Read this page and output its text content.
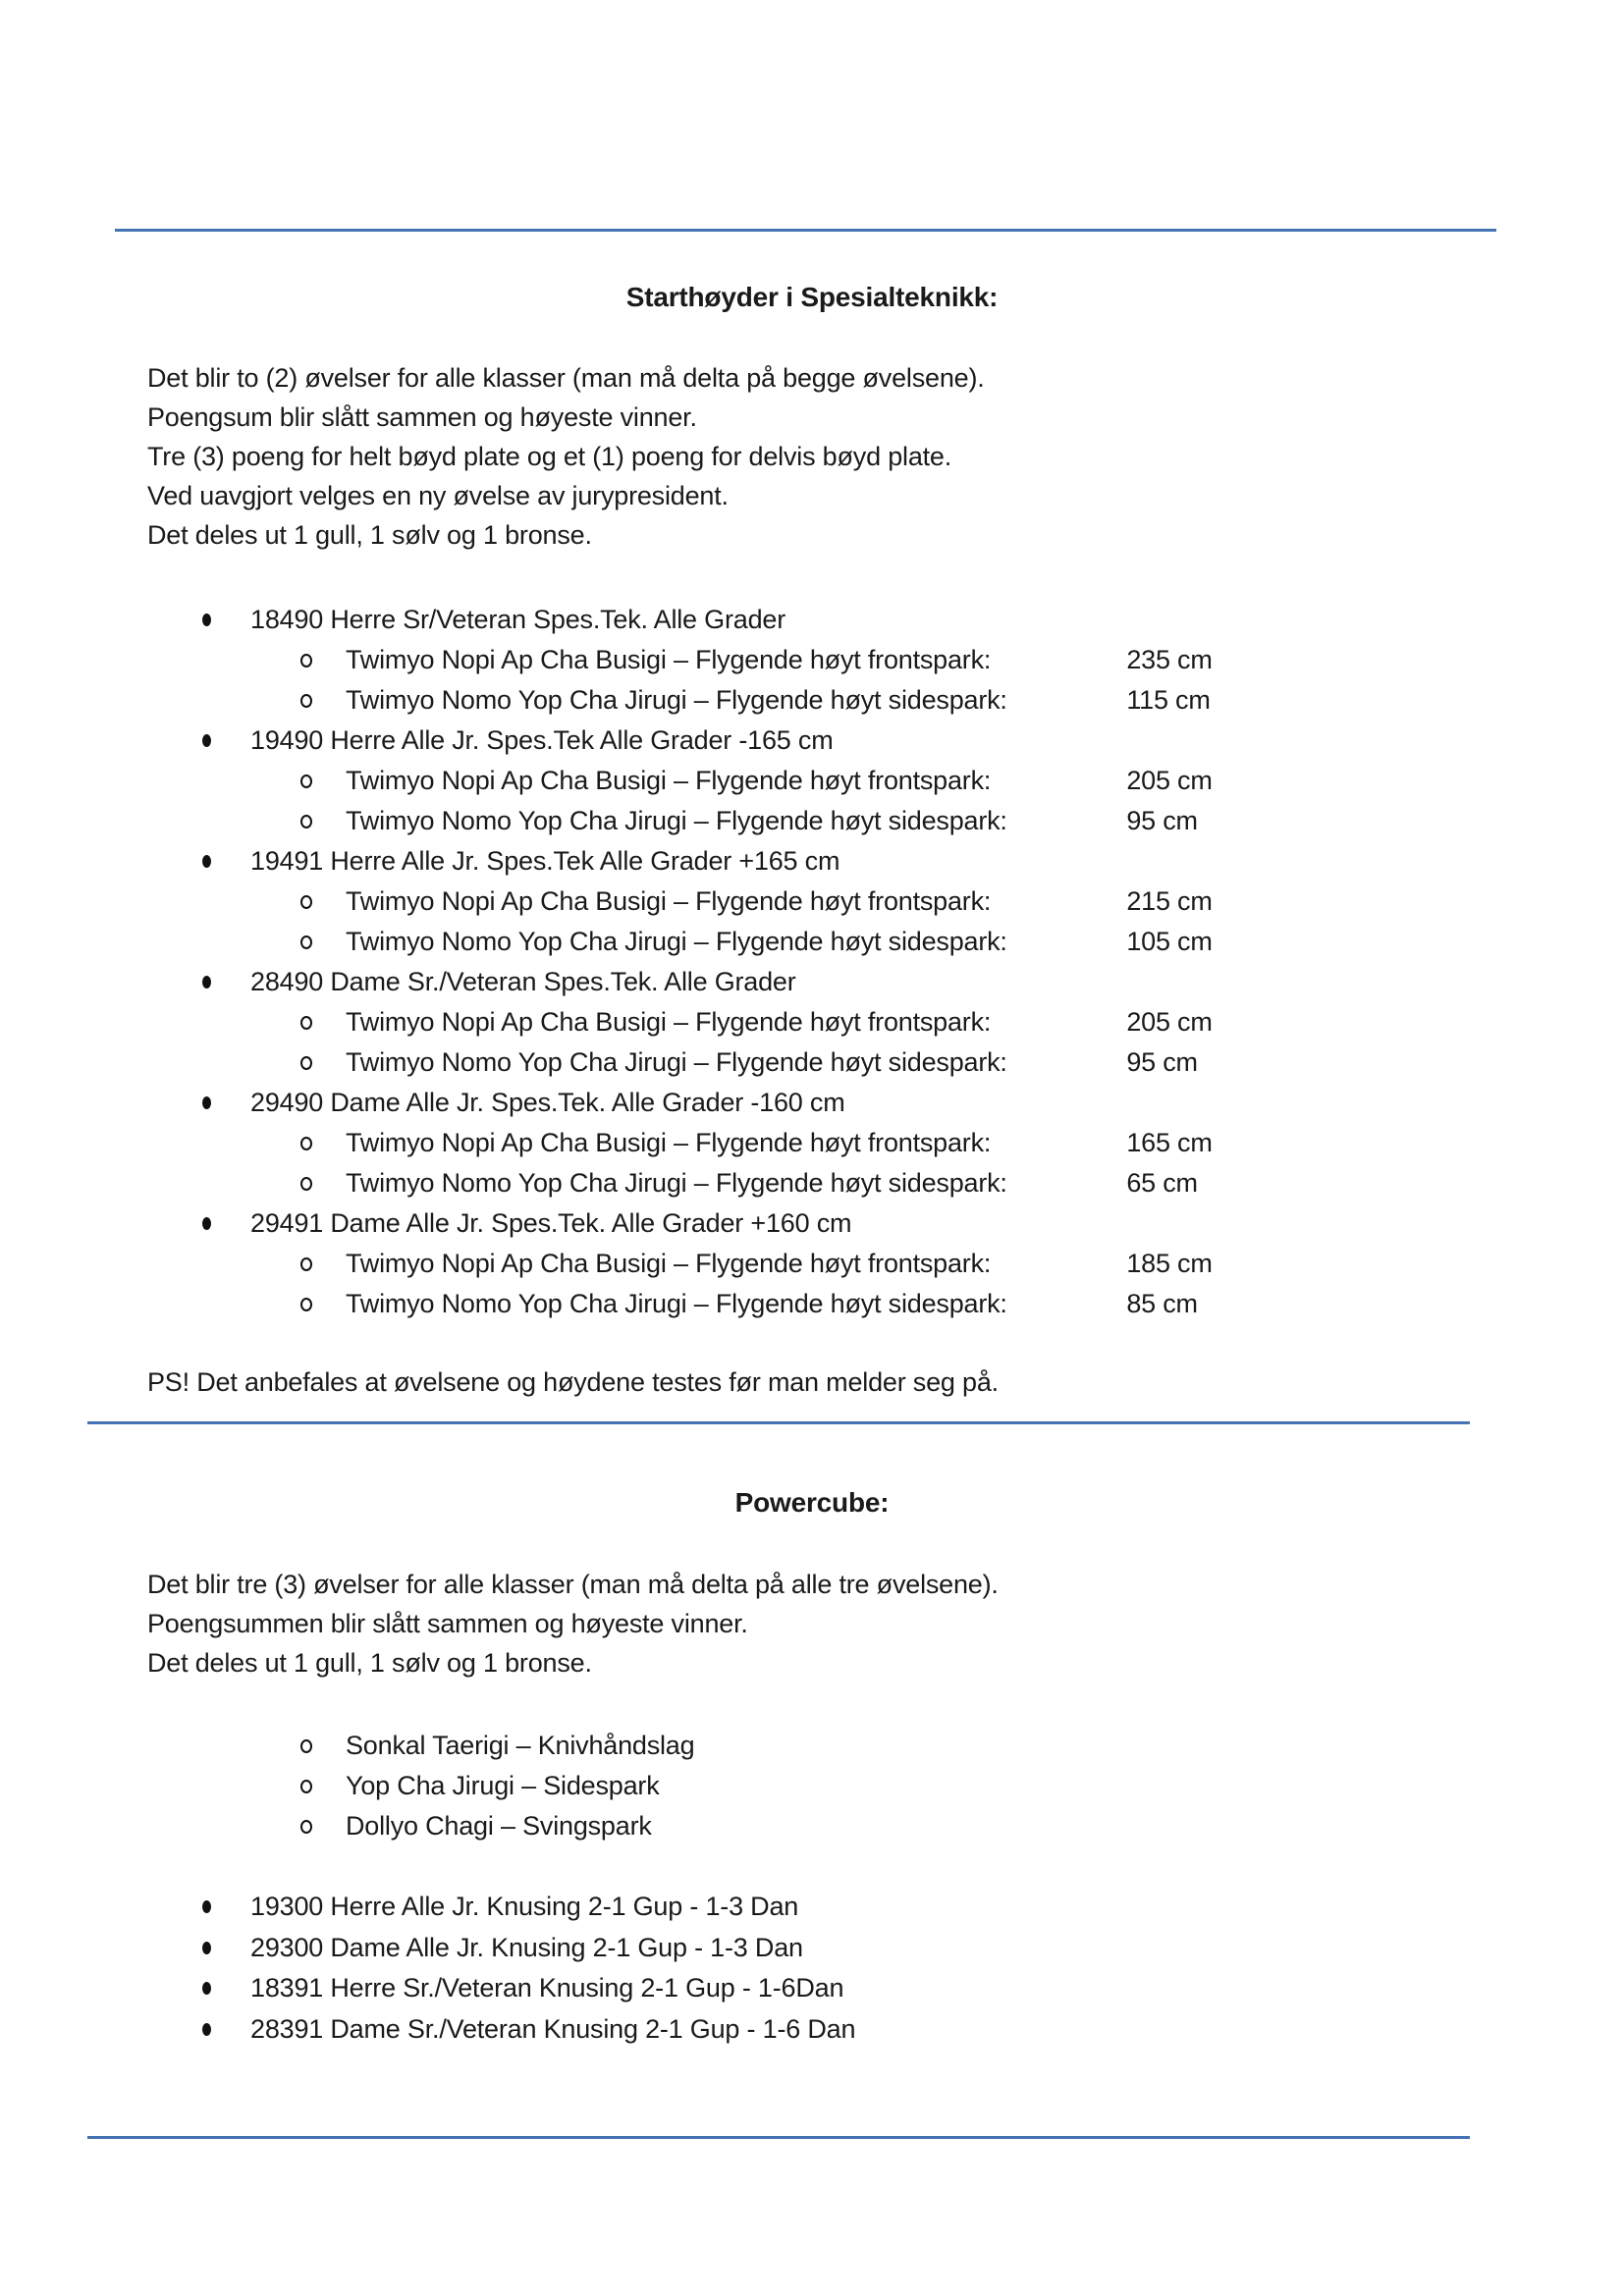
Starthøyder i Spesialteknikk:
Det blir to (2) øvelser for alle klasser (man må delta på begge øvelsene).
Poengsum blir slått sammen og høyeste vinner.
Tre (3) poeng for helt bøyd plate og et (1) poeng for delvis bøyd plate.
Ved uavgjort velges en ny øvelse av jurypresident.
Det deles ut 1 gull, 1 sølv og 1 bronse.
18490 Herre Sr/Veteran Spes.Tek. Alle Grader
Twimyo Nopi Ap Cha Busigi – Flygende høyt frontspark:	235 cm
Twimyo Nomo Yop Cha Jirugi – Flygende høyt sidespark:	115 cm
19490 Herre Alle Jr. Spes.Tek Alle Grader -165 cm
Twimyo Nopi Ap Cha Busigi – Flygende høyt frontspark:	205 cm
Twimyo Nomo Yop Cha Jirugi – Flygende høyt sidespark:	95 cm
19491 Herre Alle Jr. Spes.Tek Alle Grader +165 cm
Twimyo Nopi Ap Cha Busigi – Flygende høyt frontspark:	215 cm
Twimyo Nomo Yop Cha Jirugi – Flygende høyt sidespark:	105 cm
28490 Dame Sr./Veteran Spes.Tek. Alle Grader
Twimyo Nopi Ap Cha Busigi – Flygende høyt frontspark:	205 cm
Twimyo Nomo Yop Cha Jirugi – Flygende høyt sidespark:	95 cm
29490 Dame Alle Jr. Spes.Tek. Alle Grader -160 cm
Twimyo Nopi Ap Cha Busigi – Flygende høyt frontspark:	165 cm
Twimyo Nomo Yop Cha Jirugi – Flygende høyt sidespark:	65 cm
29491 Dame Alle Jr. Spes.Tek. Alle Grader +160 cm
Twimyo Nopi Ap Cha Busigi – Flygende høyt frontspark:	185 cm
Twimyo Nomo Yop Cha Jirugi – Flygende høyt sidespark:	85 cm
PS! Det anbefales at øvelsene og høydene testes før man melder seg på.
Powercube:
Det blir tre (3) øvelser for alle klasser (man må delta på alle tre øvelsene).
Poengsummen blir slått sammen og høyeste vinner.
Det deles ut 1 gull, 1 sølv og 1 bronse.
Sonkal Taerigi – Knivhåndslag
Yop Cha Jirugi – Sidespark
Dollyo Chagi – Svingspark
19300 Herre Alle Jr. Knusing 2-1 Gup - 1-3 Dan
29300 Dame Alle Jr. Knusing 2-1 Gup - 1-3 Dan
18391 Herre Sr./Veteran Knusing 2-1 Gup - 1-6Dan
28391 Dame Sr./Veteran Knusing 2-1 Gup - 1-6 Dan
